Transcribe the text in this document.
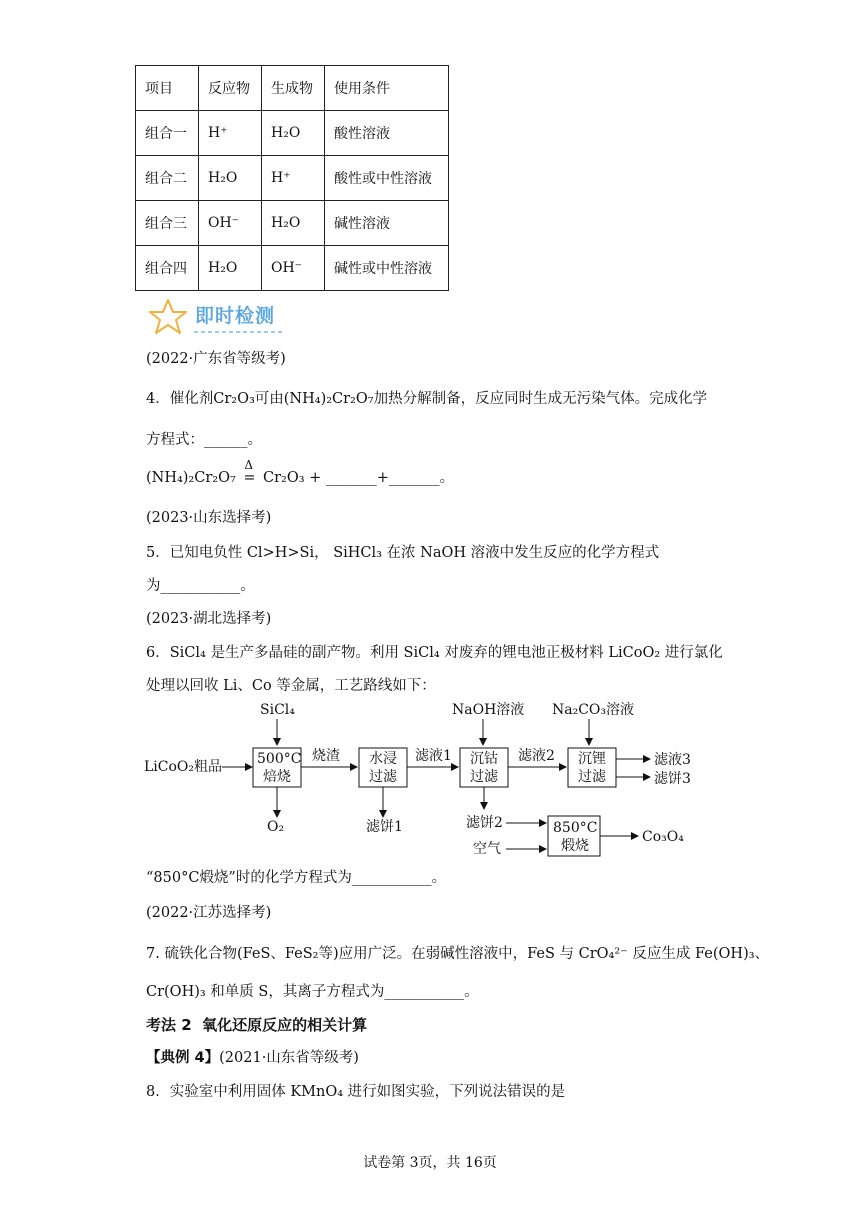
项目	反应物	生成物	使用条件
组合一	H⁺	H₂O	酸性溶液
组合二	H₂O	H⁺	酸性或中性溶液
组合三	OH⁻	H₂O	碱性溶液
组合四	H₂O	OH⁻	碱性或中性溶液
即时检测
(2022·广东省等级考)
4．催化剂Cr₂O₃可由(NH₄)₂Cr₂O₇加热分解制备，反应同时生成无污染气体。完成化学
方程式：______。
(NH₄)₂Cr₂O₇
Δ
= Cr₂O₃ + _______+_______。
(2023·山东选择考)
5．已知电负性 Cl>H>Si， SiHCl₃ 在浓 NaOH 溶液中发生反应的化学方程式
为___________。
(2023·湖北选择考)
6．SiCl₄ 是生产多晶硅的副产物。利用 SiCl₄ 对废弃的锂电池正极材料 LiCoO₂ 进行氯化
处理以回收 Li、Co 等金属，工艺路线如下：
SiCl₄	NaOH溶液 Na₂CO₃溶液
LiCoO₂粗品 500°C
焙烧
烧渣
O₂
水浸
过滤
滤液1
滤饼1
沉钴
过滤
滤液2 沉锂
过滤
滤液3
滤饼3
滤饼2
空气
850°C
煅烧
Co₃O₄
“850°C煅烧”时的化学方程式为___________。
(2022·江苏选择考)
7. 硫铁化合物(FeS、FeS₂等)应用广泛。在弱碱性溶液中，FeS 与 CrO₄²⁻ 反应生成 Fe(OH)₃、
Cr(OH)₃ 和单质 S，其离子方程式为___________。
考法 2 氧化还原反应的相关计算
【典例 4】(2021·山东省等级考)
8．实验室中利用固体 KMnO₄ 进行如图实验，下列说法错误的是
试卷第 3页，共 16页
